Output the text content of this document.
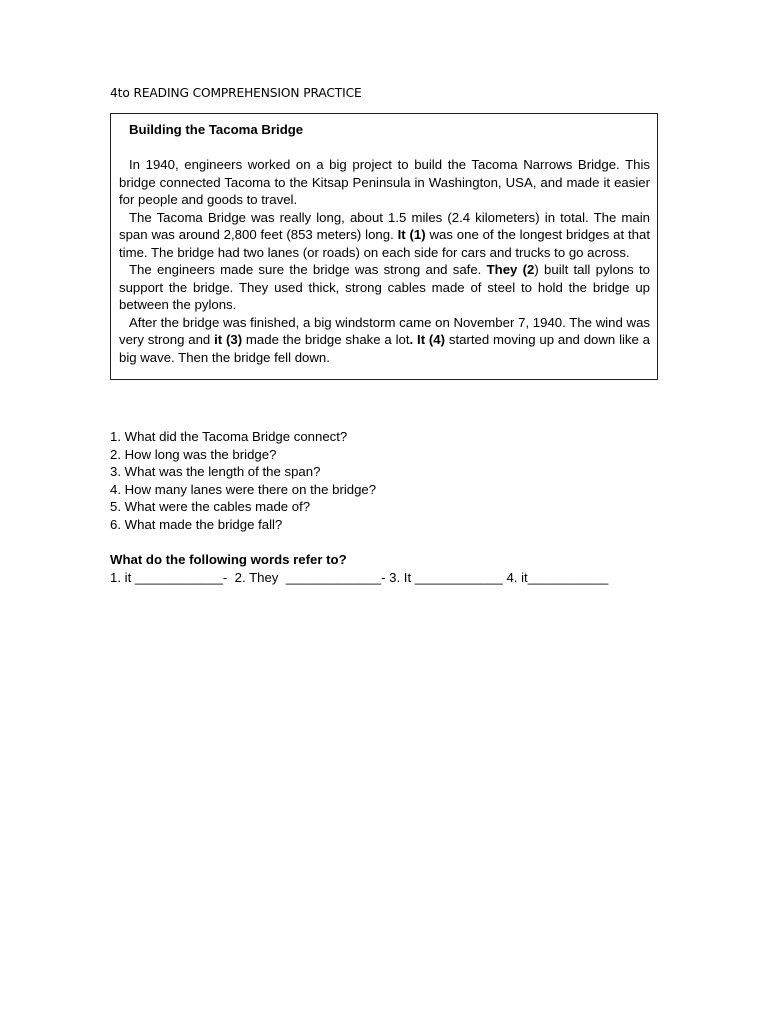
4to READING COMPREHENSION PRACTICE
Building the Tacoma Bridge

In 1940, engineers worked on a big project to build the Tacoma Narrows Bridge. This bridge connected Tacoma to the Kitsap Peninsula in Washington, USA, and made it easier for people and goods to travel.

The Tacoma Bridge was really long, about 1.5 miles (2.4 kilometers) in total. The main span was around 2,800 feet (853 meters) long. It (1) was one of the longest bridges at that time. The bridge had two lanes (or roads) on each side for cars and trucks to go across.

The engineers made sure the bridge was strong and safe. They (2) built tall pylons to support the bridge. They used thick, strong cables made of steel to hold the bridge up between the pylons.

After the bridge was finished, a big windstorm came on November 7, 1940. The wind was very strong and it (3) made the bridge shake a lot. It (4) started moving up and down like a big wave. Then the bridge fell down.

1. What did the Tacoma Bridge connect?
2. How long was the bridge?
3. What was the length of the span?
4. How many lanes were there on the bridge?
5. What were the cables made of?
6. What made the bridge fall?
What do the following words refer to?
1. it ____________-  2. They  _____________- 3. It ____________ 4. it___________
